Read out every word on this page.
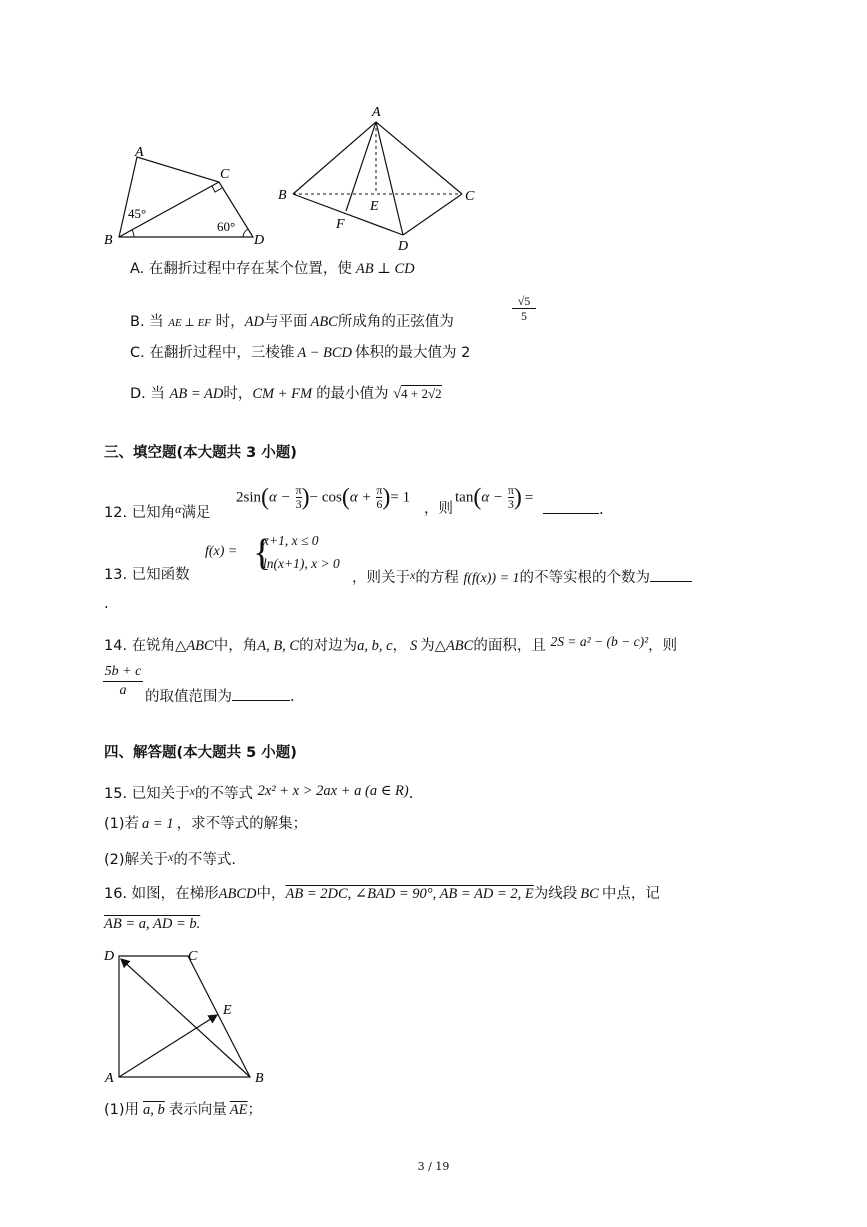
A
B
C
D
45°
60°
A
B	C
D
E
F
A. 在翻折过程中存在某个位置，使 AB ⊥ CD
B. 当 AE ⊥ EF 时，AD与平面 ABC所成角的正弦值为
√5
5
C. 在翻折过程中，三棱锥 A − BCD 体积的最大值为 2
D. 当 AB = AD时，CM + FM 的最小值为 √4 + 2√2
三、填空题(本大题共 3 小题)
12. 已知角$^\alpha$满足
$2\sin(\alpha - \frac{\pi}{3}$ )− $\cos(\alpha + \frac{\pi}{6}$ )= 1
，则
$\tan(\alpha - \frac{\pi}{3}$ ) =
.
13. 已知函数
f(x) = {
x+1, x ≤ 0
ln(x+1), x > 0
，则关于$^x$的方程 f(f(x)) = 1的不等实根的个数为
.
14. 在锐角△ABC中，角A, B, C的对边为a, b, c， S 为△ABC的面积，且 2S = a² − (b − c)²，则
5b + c
a	的取值范围为	.
四、解答题(本大题共 5 小题)
15. 已知关于$^x$的不等式 2x² + x > 2ax + a (a ∈ R).
(1)若 a = 1 ，求不等式的解集；
(2)解关于$^x$的不等式.
16. 如图，在梯形ABCD中，AB = 2DC, ∠BAD = 90°, AB = AD = 2, E为线段 BC 中点，记
AB = a, AD = b.
D	C
E
A	B
(1)用 a, b 表示向量 $\overline{AE}$；
3 / 19
